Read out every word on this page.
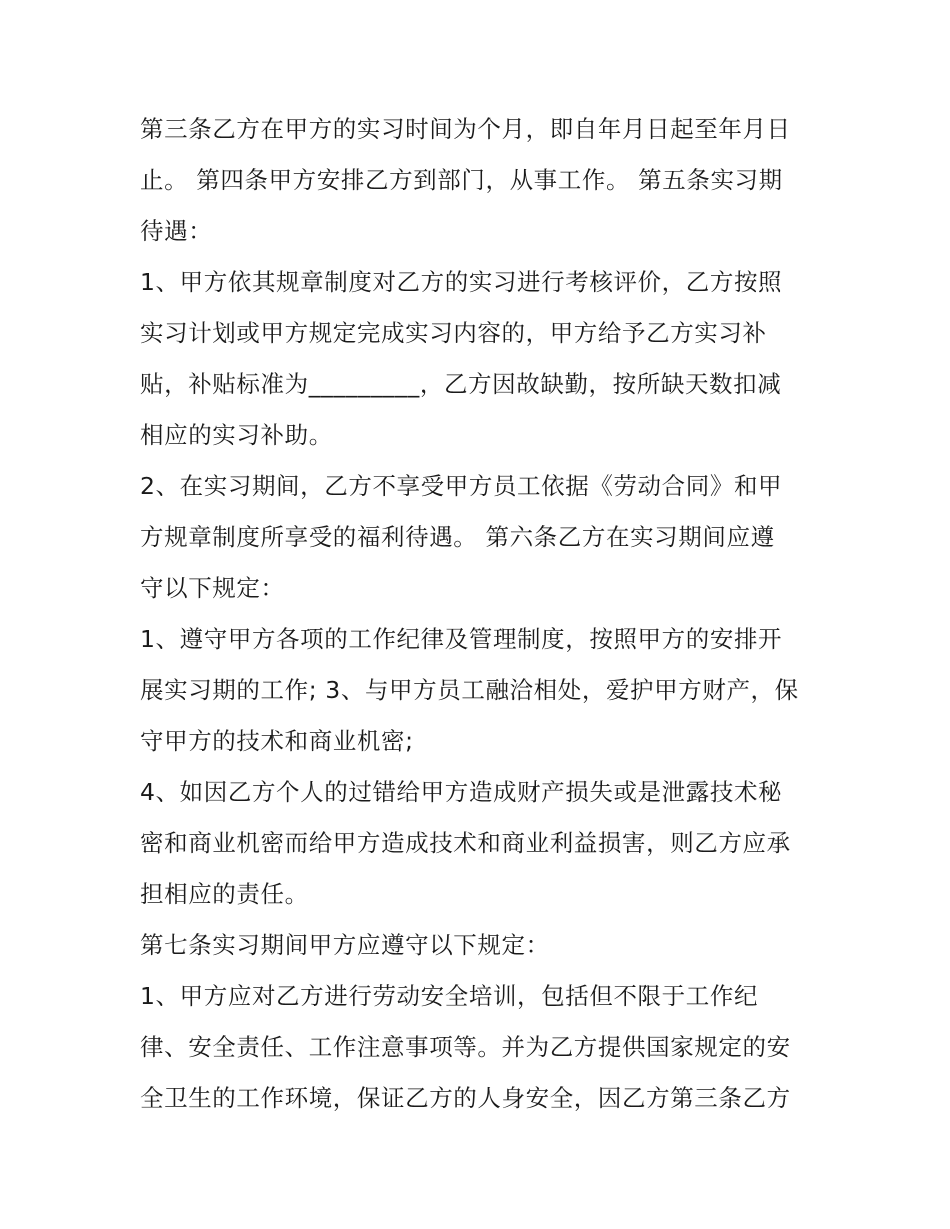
第三条乙方在甲方的实习时间为个月，即自年月日起至年月日
止。 第四条甲方安排乙方到部门，从事工作。 第五条实习期
待遇：
1、甲方依其规章制度对乙方的实习进行考核评价，乙方按照
实习计划或甲方规定完成实习内容的，甲方给予乙方实习补
贴，补贴标准为_________，乙方因故缺勤，按所缺天数扣减
相应的实习补助。
2、在实习期间，乙方不享受甲方员工依据《劳动合同》和甲
方规章制度所享受的福利待遇。 第六条乙方在实习期间应遵
守以下规定：
1、遵守甲方各项的工作纪律及管理制度，按照甲方的安排开
展实习期的工作; 3、与甲方员工融洽相处，爱护甲方财产，保
守甲方的技术和商业机密;
4、如因乙方个人的过错给甲方造成财产损失或是泄露技术秘
密和商业机密而给甲方造成技术和商业利益损害，则乙方应承
担相应的责任。
第七条实习期间甲方应遵守以下规定：
1、甲方应对乙方进行劳动安全培训，包括但不限于工作纪
律、安全责任、工作注意事项等。并为乙方提供国家规定的安
全卫生的工作环境，保证乙方的人身安全，因乙方第三条乙方
